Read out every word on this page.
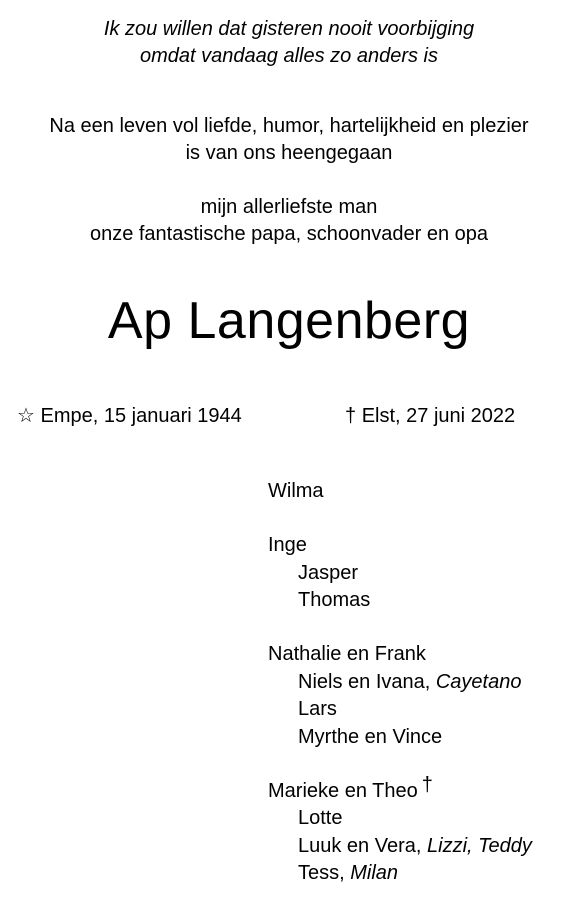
Ik zou willen dat gisteren nooit voorbijging
omdat vandaag alles zo anders is
Na een leven vol liefde, humor, hartelijkheid en plezier
is van ons heengegaan
mijn allerliefste man
onze fantastische papa, schoonvader en opa
Ap Langenberg
☆ Empe, 15 januari 1944	† Elst, 27 juni 2022
Wilma
Inge
Jasper
Thomas
Nathalie en Frank
Niels en Ivana, Cayetano
Lars
Myrthe en Vince
Marieke en Theo †
Lotte
Luuk en Vera, Lizzi, Teddy
Tess, Milan
